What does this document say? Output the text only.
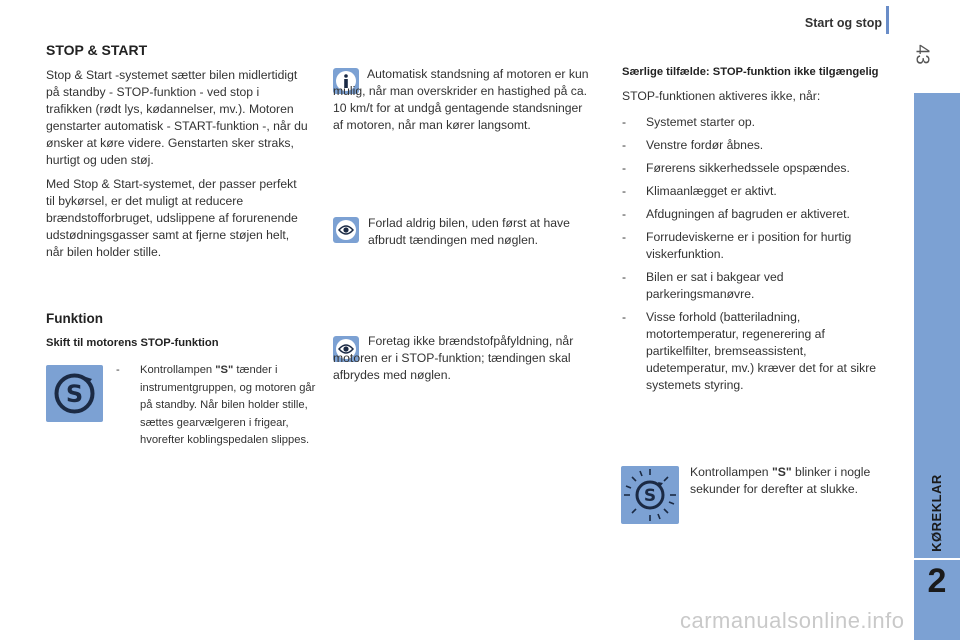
Start og stop
43
KØREKLAR
2
STOP & START

Stop & Start -systemet sætter bilen midlertidigt på standby - STOP-funktion - ved stop i trafikken (rødt lys, kødannelser, mv.). Motoren genstarter automatisk - START-funktion -, når du ønsker at køre videre. Genstarten sker straks, hurtigt og uden støj.

Med Stop & Start-systemet, der passer perfekt til bykørsel, er det muligt at reducere brændstofforbruget, udslippene af forurenende udstødningsgasser samt at fjerne støjen helt, når bilen holder stille.

Funktion
Skift til motorens STOP-funktion
S
-	Kontrollampen "S" tænder i instrumentgruppen, og motoren går på standby. Når bilen holder stille, sættes gearvælgeren i frigear, hvorefter koblingspedalen slippes.
Automatisk standsning af motoren er kun mulig, når man overskrider en hastighed på ca. 10 km/t for at undgå gentagende standsninger af motoren, når man kører langsomt.
Forlad aldrig bilen, uden først at have afbrudt tændingen med nøglen.
Foretag ikke brændstofpåfyldning, når motoren er i STOP-funktion; tændingen skal afbrydes med nøglen.
Særlige tilfælde: STOP-funktion ikke tilgængelig

STOP-funktionen aktiveres ikke, når:

- Systemet starter op.
- Venstre fordør åbnes.
- Førerens sikkerhedssele opspændes.
- Klimaanlægget er aktivt.
- Afdugningen af bagruden er aktiveret.
- Forrudeviskerne er i position for hurtig viskerfunktion.
- Bilen er sat i bakgear ved parkeringsmanøvre.
- Visse forhold (batteriladning, motortemperatur, regenerering af partikelfilter, bremseassistent, udetemperatur, mv.) kræver det for at sikre systemets styring.
S
Kontrollampen "S" blinker i nogle sekunder for derefter at slukke.
carmanualsonline.info
